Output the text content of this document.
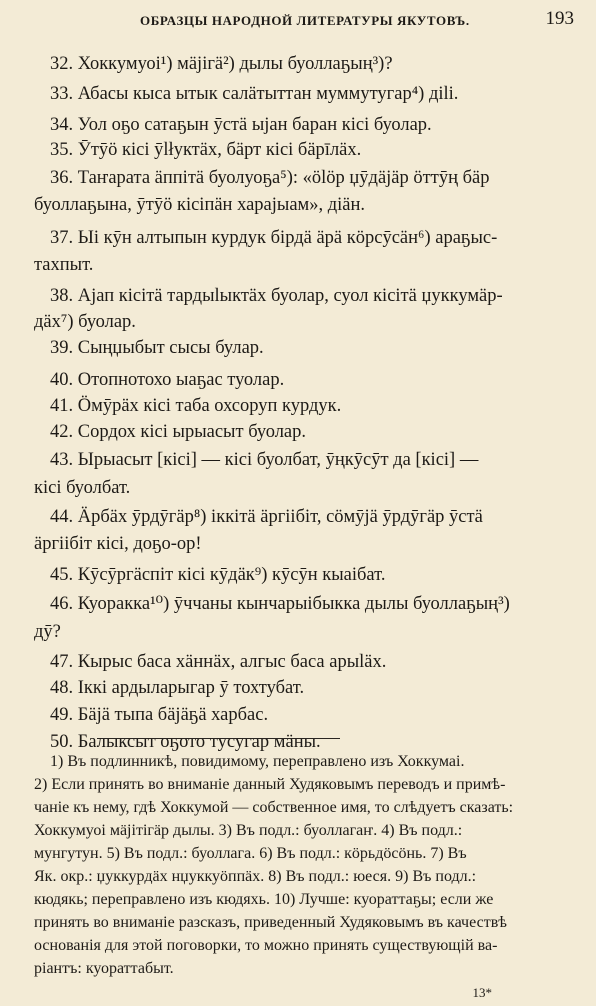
ОБРАЗЦЫ НАРОДНОЙ ЛИТЕРАТУРЫ ЯКУТОВЪ.	193
32. Хоккумуоі¹) мӓјігӓ²) дылы буоллаҕың³)?
33. Абасы кыса ытык салӓтыттан муммутугар⁴) діlі.
34. Уол оҕо сатаҕын ӯстӓ ыјан баран кісі буолар.
35. Ӯтӯӧ кісі ӯlłуктӓх, бӓрт кісі бӓрīлӓх.
36. Таҥарата ӓппітӓ буолуоҕа⁵): «ӧlӧр џӯдӓјӓр ӧттӯң бӓр
буоллаҕына, ӯтӯӧ кісіпӓн харајыам», дiӓн.
37. Ыі кӯн алтыпын курдук бірдӓ ӓрӓ кӧрсӯсӓн⁶) араҕыс-
тахпыт.
38. Аjап кісітӓ тардыlыктӓх буолар, суол кісітӓ џуккумӓр-
дӓх⁷) буолар.
39. Сыңџыбыт сысы булар.
40. Отопнотохо ыаҕас туолар.
41. Ӧмӯрӓх кісі таба охсоруп курдук.
42. Сордох кісі ырыасыт буолар.
43. Ырыасыт [кісі] — кісі буолбат, ӯңкӯсӯт да [кісі] —
кісі буолбат.
44. Ӓрбӓх ӯрдӯгӓр⁸) іккітӓ ӓргіібіт, сӧмӯјӓ ӯрдӯгӓр ӯстӓ
ӓргіібіт кісі, доҕо-ор!
45. Кӯсӯргӓспіт кісі кӯдӓк⁹) кӯсӯн кыаібат.
46. Куоракка¹⁰) ӯччаны кынчарыібыкка дылы буоллаҕың³)
дӯ?
47. Кырыс баса хӓннӓх, алгыс баса арыlӓх.
48. Іккі ардыларыгар ӯ тохтубат.
49. Бӓјӓ тыпа бӓјӓҕӓ харбас.
50. Балыксыт оҕото тусугар мӓны.
1) Въ подлинникѣ, повидимому, переправлено изъ Хоккумаі.
2) Если принять во вниманіе данный Худяковымъ переводъ и примѣ-
чаніе къ нему, гдѣ Хоккумой — собственное имя, то слѣдуетъ сказать:
Хоккумуоі мӓјітігӓр дылы. 3) Въ подл.: буоллагаҥ. 4) Въ подл.:
мунгутун. 5) Въ подл.: буоллага. 6) Въ подл.: кӧрьдӧсӧнь. 7) Въ
Як. окр.: џуккурдӓх нџуккуӧппӓх. 8) Въ подл.: юеся. 9) Въ подл.:
кюдякь; переправлено изъ кюдяхь. 10) Лучше: куораттаҕы; если же
принять во вниманіе разсказъ, приведенный Худяковымъ въ качествѣ
основанія для этой поговорки, то можно принять существующій ва-
ріантъ: куораттабыт.
13*
